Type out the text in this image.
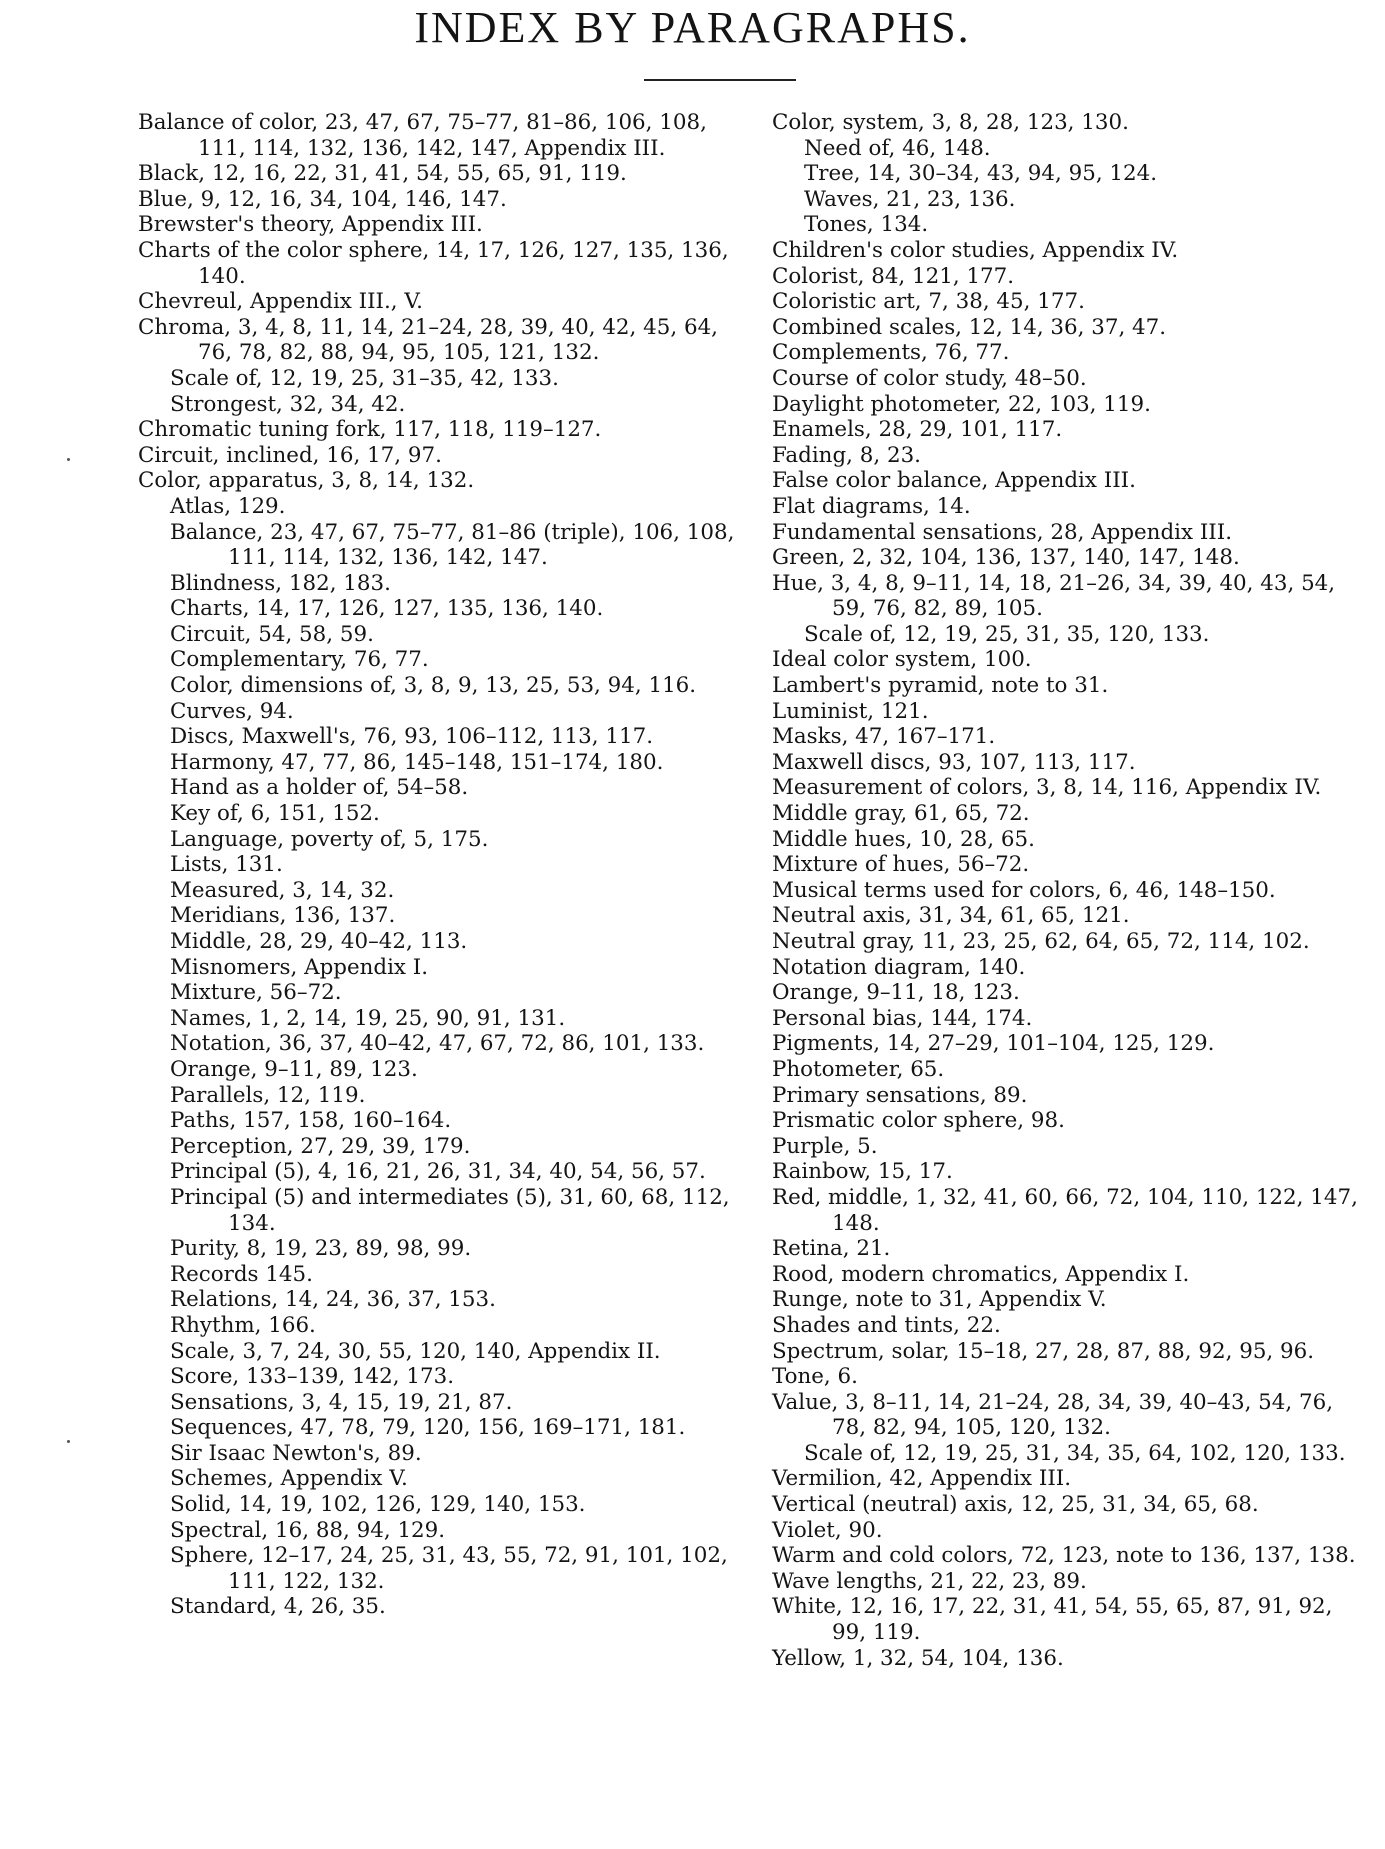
INDEX BY PARAGRAPHS.
Balance of color, 23, 47, 67, 75–77, 81–86, 106, 108, 111, 114, 132, 136, 142, 147, Appendix III.
Black, 12, 16, 22, 31, 41, 54, 55, 65, 91, 119.
Blue, 9, 12, 16, 34, 104, 146, 147.
Brewster's theory, Appendix III.
Charts of the color sphere, 14, 17, 126, 127, 135, 136, 140.
Chevreul, Appendix III., V.
Chroma, 3, 4, 8, 11, 14, 21–24, 28, 39, 40, 42, 45, 64, 76, 78, 82, 88, 94, 95, 105, 121, 132.
Scale of, 12, 19, 25, 31–35, 42, 133.
Strongest, 32, 34, 42.
Chromatic tuning fork, 117, 118, 119–127.
Circuit, inclined, 16, 17, 97.
Color, apparatus, 3, 8, 14, 132.
Atlas, 129.
Balance, 23, 47, 67, 75–77, 81–86 (triple), 106, 108, 111, 114, 132, 136, 142, 147.
Blindness, 182, 183.
Charts, 14, 17, 126, 127, 135, 136, 140.
Circuit, 54, 58, 59.
Complementary, 76, 77.
Color, dimensions of, 3, 8, 9, 13, 25, 53, 94, 116.
Curves, 94.
Discs, Maxwell's, 76, 93, 106–112, 113, 117.
Harmony, 47, 77, 86, 145–148, 151–174, 180.
Hand as a holder of, 54–58.
Key of, 6, 151, 152.
Language, poverty of, 5, 175.
Lists, 131.
Measured, 3, 14, 32.
Meridians, 136, 137.
Middle, 28, 29, 40–42, 113.
Misnomers, Appendix I.
Mixture, 56–72.
Names, 1, 2, 14, 19, 25, 90, 91, 131.
Notation, 36, 37, 40–42, 47, 67, 72, 86, 101, 133.
Orange, 9–11, 89, 123.
Parallels, 12, 119.
Paths, 157, 158, 160–164.
Perception, 27, 29, 39, 179.
Principal (5), 4, 16, 21, 26, 31, 34, 40, 54, 56, 57.
Principal (5) and intermediates (5), 31, 60, 68, 112, 134.
Purity, 8, 19, 23, 89, 98, 99.
Records 145.
Relations, 14, 24, 36, 37, 153.
Rhythm, 166.
Scale, 3, 7, 24, 30, 55, 120, 140, Appendix II.
Score, 133–139, 142, 173.
Sensations, 3, 4, 15, 19, 21, 87.
Sequences, 47, 78, 79, 120, 156, 169–171, 181.
Sir Isaac Newton's, 89.
Schemes, Appendix V.
Solid, 14, 19, 102, 126, 129, 140, 153.
Spectral, 16, 88, 94, 129.
Sphere, 12–17, 24, 25, 31, 43, 55, 72, 91, 101, 102, 111, 122, 132.
Standard, 4, 26, 35.
Color, system, 3, 8, 28, 123, 130.
Need of, 46, 148.
Tree, 14, 30–34, 43, 94, 95, 124.
Waves, 21, 23, 136.
Tones, 134.
Children's color studies, Appendix IV.
Colorist, 84, 121, 177.
Coloristic art, 7, 38, 45, 177.
Combined scales, 12, 14, 36, 37, 47.
Complements, 76, 77.
Course of color study, 48–50.
Daylight photometer, 22, 103, 119.
Enamels, 28, 29, 101, 117.
Fading, 8, 23.
False color balance, Appendix III.
Flat diagrams, 14.
Fundamental sensations, 28, Appendix III.
Green, 2, 32, 104, 136, 137, 140, 147, 148.
Hue, 3, 4, 8, 9–11, 14, 18, 21–26, 34, 39, 40, 43, 54, 59, 76, 82, 89, 105.
Scale of, 12, 19, 25, 31, 35, 120, 133.
Ideal color system, 100.
Lambert's pyramid, note to 31.
Luminist, 121.
Masks, 47, 167–171.
Maxwell discs, 93, 107, 113, 117.
Measurement of colors, 3, 8, 14, 116, Appendix IV.
Middle gray, 61, 65, 72.
Middle hues, 10, 28, 65.
Mixture of hues, 56–72.
Musical terms used for colors, 6, 46, 148–150.
Neutral axis, 31, 34, 61, 65, 121.
Neutral gray, 11, 23, 25, 62, 64, 65, 72, 114, 102.
Notation diagram, 140.
Orange, 9–11, 18, 123.
Personal bias, 144, 174.
Pigments, 14, 27–29, 101–104, 125, 129.
Photometer, 65.
Primary sensations, 89.
Prismatic color sphere, 98.
Purple, 5.
Rainbow, 15, 17.
Red, middle, 1, 32, 41, 60, 66, 72, 104, 110, 122, 147, 148.
Retina, 21.
Rood, modern chromatics, Appendix I.
Runge, note to 31, Appendix V.
Shades and tints, 22.
Spectrum, solar, 15–18, 27, 28, 87, 88, 92, 95, 96.
Tone, 6.
Value, 3, 8–11, 14, 21–24, 28, 34, 39, 40–43, 54, 76, 78, 82, 94, 105, 120, 132.
Scale of, 12, 19, 25, 31, 34, 35, 64, 102, 120, 133.
Vermilion, 42, Appendix III.
Vertical (neutral) axis, 12, 25, 31, 34, 65, 68.
Violet, 90.
Warm and cold colors, 72, 123, note to 136, 137, 138.
Wave lengths, 21, 22, 23, 89.
White, 12, 16, 17, 22, 31, 41, 54, 55, 65, 87, 91, 92, 99, 119.
Yellow, 1, 32, 54, 104, 136.
